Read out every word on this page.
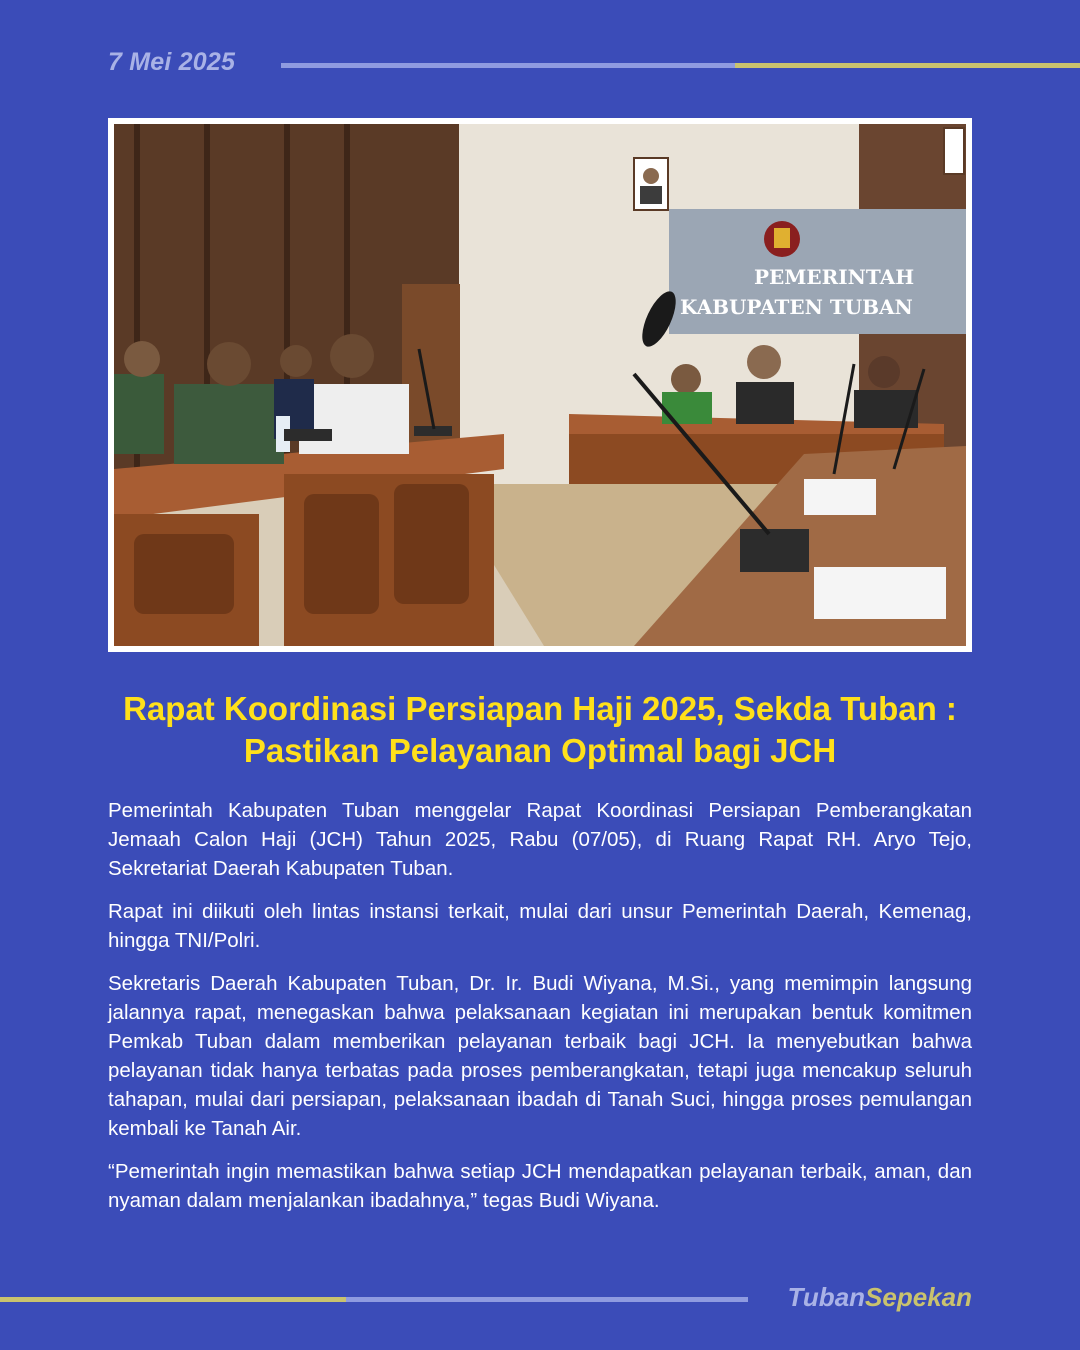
7 Mei 2025
PEMERINTAH
KABUPATEN TUBAN
Rapat Koordinasi Persiapan Haji 2025, Sekda Tuban : Pastikan Pelayanan Optimal bagi JCH

Pemerintah Kabupaten Tuban menggelar Rapat Koordinasi Persiapan Pemberangkatan Jemaah Calon Haji (JCH) Tahun 2025, Rabu (07/05), di Ruang Rapat RH. Aryo Tejo, Sekretariat Daerah Kabupaten Tuban.

Rapat ini diikuti oleh lintas instansi terkait, mulai dari unsur Pemerintah Daerah, Kemenag, hingga TNI/Polri.

Sekretaris Daerah Kabupaten Tuban, Dr. Ir. Budi Wiyana, M.Si., yang memimpin langsung jalannya rapat, menegaskan bahwa pelaksanaan kegiatan ini merupakan bentuk komitmen Pemkab Tuban dalam memberikan pelayanan terbaik bagi JCH. Ia menyebutkan bahwa pelayanan tidak hanya terbatas pada proses pemberangkatan, tetapi juga mencakup seluruh tahapan, mulai dari persiapan, pelaksanaan ibadah di Tanah Suci, hingga proses pemulangan kembali ke Tanah Air.

“Pemerintah ingin memastikan bahwa setiap JCH mendapatkan pelayanan terbaik, aman, dan nyaman dalam menjalankan ibadahnya,” tegas Budi Wiyana.

TubanSepekan
